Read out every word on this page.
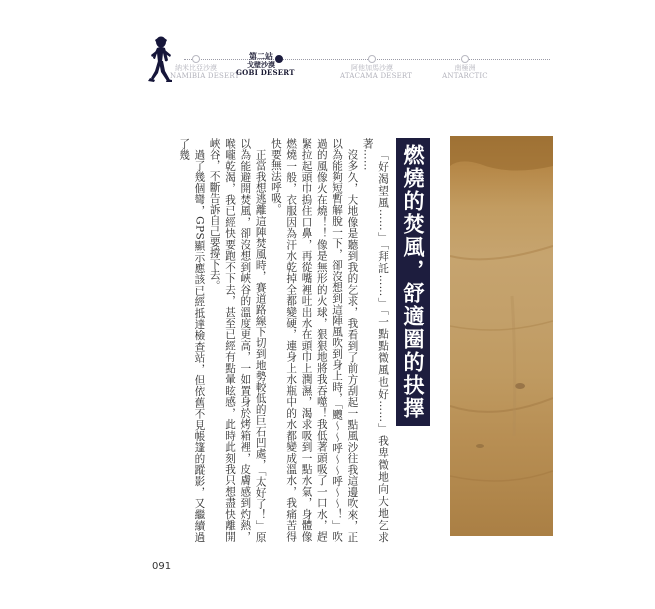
納米比亞沙漠
NAMIBIA DESERT
第二站
戈壁沙漠
GOBI DESERT	阿他加馬沙漠
ATACAMA DESERT
南極洲
ANTARCTIC
燃燒的焚風，舒適圈的抉擇

「好渴望風……」「拜託……」「一點點微風也好……」我卑微地向大地乞求著……

沒多久，大地像是聽到我的乞求，我看到了前方刮起一點風沙往我這邊吹來，正以為能夠短暫解脫一下，卻沒想到這陣風吹到身上時，「颼～～呼～～呼～～！」吹過的風像火在燒！！像是無形的火球，狠狠地將我吞噬！我低著頭吸了一口水，趕緊拉起頭巾摀住口鼻，再從嘴裡吐出水在頭巾上潤濕，渴求吸到一點水氣，身體像燃燒一般，衣服因為汗水乾掉全都變硬，連身上水瓶中的水都變成溫水，我痛苦得快要無法呼吸。

正當我想逃離這陣焚風時，賽道路線下切到地勢較低的巨石凹處，「太好了！」原以為能避開焚風，卻沒想到峽谷的溫度更高，一如置身於烤箱裡，皮膚感到灼熱，喉嚨乾渴，我已經快要跑不下去，甚至已經有點暈眩感，此時此刻我只想盡快離開峽谷，不斷告訴自己要撐下去。

過了幾個彎，GPS顯示應該已經抵達檢查站，但依舊不見帳篷的蹤影，又繼續過了幾

091
